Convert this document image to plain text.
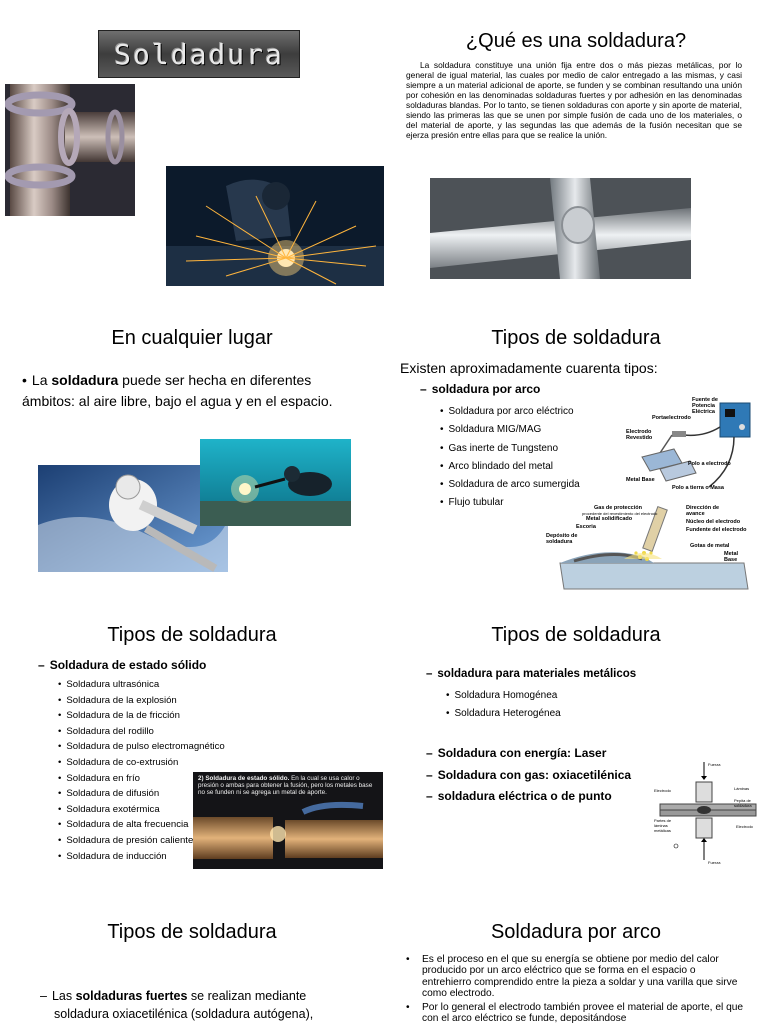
Soldadura	¿Qué es una soldadura?
La soldadura constituye una unión fija entre dos o más piezas metálicas, por lo general de igual material, las cuales por medio de calor entregado a las mismas, y casi siempre a un material adicional de aporte, se funden y se combinan resultando una unión por cohesión en las denominadas soldaduras fuertes y por adhesión en las denominadas soldaduras blandas. Por lo tanto, se tienen soldaduras con aporte y sin aporte de material, siendo las primeras las que se unen por simple fusión de cada uno de los materiales, o del material de aporte, y las segundas las que además de la fusión necesitan que se ejerza presión entre ellas para que se realice la unión.
En cualquier lugar
• La soldadura puede ser hecha en diferentes ámbitos: al aire libre, bajo el agua y en el espacio.
Tipos de soldadura
Existen aproximadamente cuarenta tipos:
– soldadura por arco
• Soldadura por arco eléctrico
• Soldadura MIG/MAG
• Gas inerte de Tungsteno
• Arco blindado del metal
• Soldadura de arco sumergida
• Flujo tubular
Fuente de Potencia Eléctrica
Portaelectrodo
Electrodo Revestido
Polo a electrodo
Metal Base
Polo a tierra o Masa
Gas de protección
procedente del revestimiento del electrodo
Metal solidificado
Escoria
Depósito de soldadura
Dirección de avance
Núcleo del electrodo
Fundente del electrodo
Gotas de metal
Metal Base
Tipos de soldadura
– Soldadura de estado sólido
• Soldadura ultrasónica
• Soldadura de la explosión
• Soldadura de la de fricción
• Soldadura del rodillo
• Soldadura de pulso electromagnético
• Soldadura de co-extrusión
• Soldadura en frío
• Soldadura de difusión
• Soldadura exotérmica
• Soldadura de alta frecuencia
• Soldadura de presión caliente
• Soldadura de inducción
2) Soldadura de estado sólido. En la cual se usa calor o presión o ambas para obtener la fusión, pero los metales base no se funden ni se agrega un metal de aporte.
Tipos de soldadura
– soldadura para materiales metálicos
• Soldadura Homogénea
• Soldadura Heterogénea
– Soldadura con energía: Laser
– Soldadura con gas: oxiacetilénica
– soldadura eléctrica o de punto
Fuerza
Electrodo	Láminas
Pepita de soldadura
Partes de láminas metálicas
Electrodo
Fuerza
Tipos de soldadura
– Las soldaduras fuertes se realizan mediante
soldadura oxiacetilénica (soldadura autógena),
Soldadura por arco
•	Es el proceso en el que su energía se obtiene por medio del calor producido por un arco eléctrico que se forma en el espacio o entrehierro comprendido entre la pieza a soldar y una varilla que sirve como electrodo.
•	Por lo general el electrodo también provee el material de aporte, el que con el arco eléctrico se funde, depositándose
